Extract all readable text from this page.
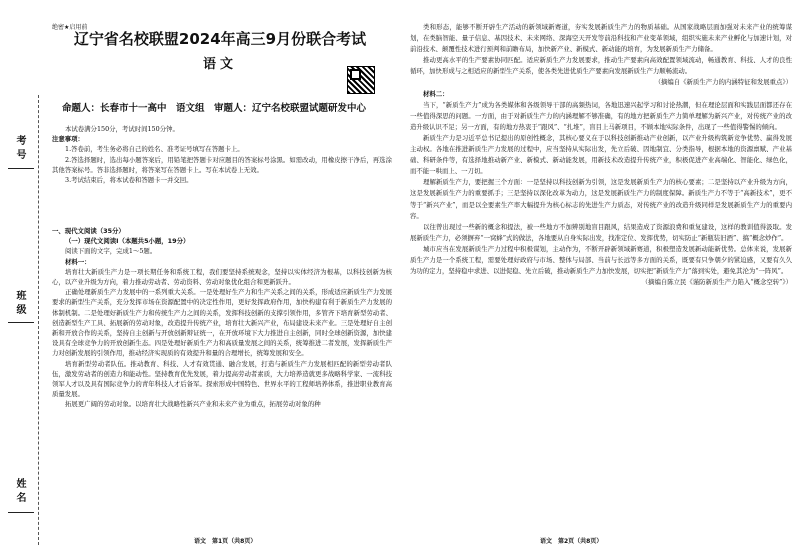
考号
班级
姓名
绝密★启用前
辽宁省名校联盟2024年高三9月份联合考试
语文
命题人：长春市十一高中　语文组　审题人：辽宁名校联盟试题研发中心

本试卷满分150分，考试时间150分钟。

注意事项：

1.答卷前，考生务必将自己的姓名、准考证号填写在答题卡上。

2.答选择题时，选出每小题答案后，用铅笔把答题卡对应题目的答案标号涂黑。如需改动，用橡皮擦干净后，再选涂其他答案标号。答非选择题时，将答案写在答题卡上。写在本试卷上无效。

3.考试结束后，将本试卷和答题卡一并交回。

一、现代文阅读（35分）

（一）现代文阅读Ⅰ（本题共5小题，19分）

阅读下面的文字，完成1～5题。

材料一：

培育壮大新质生产力是一项长期任务和系统工程，我们要坚持系统观念，坚持以实体经济为根基，以科技创新为核心，以产业升级为方向，着力推动劳动者、劳动资料、劳动对象优化组合和更新跃升。

正确处理新质生产力发展中的一系列重大关系。一是处理好生产力和生产关系之间的关系，形成适应新质生产力发展要求的新型生产关系，充分发挥市场在资源配置中的决定性作用，更好发挥政府作用，加快构建有利于新质生产力发展的体制机制。二是处理好新质生产力和传统生产力之间的关系，发挥科技创新的支撑引领作用，多管齐下培育新型劳动者、创造新型生产工具、拓展新的劳动对象，改造提升传统产业，培育壮大新兴产业，布局建设未来产业。三是处理好自主创新和开放合作的关系，坚持自主创新与开放创新辩证统一，在开放环境下大力推进自主创新，同时全球创新资源，加快建设具有全球竞争力的开放创新生态。四是处理好新质生产力和高质量发展之间的关系，统筹推进二者发展，发挥新质生产力对创新发展的引领作用，推动经济实现质的有效提升和量的合理增长，统筹发展和安全。

培育新型劳动者队伍。推动教育、科技、人才有效贯通、融合发展，打造与新质生产力发展相匹配的新型劳动者队伍，激发劳动者的创造力和能动性。坚持教育优先发展，着力提高劳动者素质，大力培养造就更多战略科学家、一流科技领军人才以及具有国际竞争力的青年科技人才后备军。探索形成中国特色、世界水平的工程师培养体系，推进职业教育高质量发展。

拓展更广阔的劳动对象。以培育壮大战略性新兴产业和未来产业为重点，拓展劳动对象的种

语文　第1页（共8页）

类和形态，能够不断开辟生产活动的新领域新赛道，夯实发展新质生产力的物质基础。从国家战略层面加强对未来产业的统筹谋划，在类脑智能、量子信息、基因技术、未来网络、深海空天开发等前沿科技和产业变革领域，组织实施未来产业孵化与加速计划，对前沿技术、颠覆性技术进行预判和前瞻布局，加快新产业、新模式、新动能的培育，为发展新质生产力储备。

推动更高水平的生产要素协同匹配。适应新质生产力发展要求，推动生产要素向高效配置领域流动，畅通教育、科技、人才的良性循环，加快形成与之相适应的新型生产关系，使各类先进优质生产要素向发展新质生产力顺畅流动。

（摘编自《新质生产力的内涵特征和发展重点》）

材料二：

当下，“新质生产力”成为各类媒体和各级领导干部的高频热词，各地迅速兴起学习和讨论热潮，但在理论层面和实践层面都还存在一些值得深思的问题。一方面，由于对新质生产力的内涵理解不够准确，有的地方把新质生产力简单理解为新兴产业，对传统产业的改造升级认识不足；另一方面，有的地方热衷于“跟风”、“扎堆”，盲目上马新项目，不顾本地实际条件，出现了一些值得警惕的倾向。

新质生产力是习近平总书记提出的原创性概念，其核心要义在于以科技创新推动产业创新，以产业升级构筑新竞争优势、赢得发展主动权。各地在推进新质生产力发展的过程中，应当坚持从实际出发，先立后破、因地制宜、分类指导，根据本地的资源禀赋、产业基础、科研条件等，有选择地推动新产业、新模式、新动能发展，用新技术改造提升传统产业，积极促进产业高端化、智能化、绿色化，而不能一哄而上、一刀切。

理解新质生产力，要把握三个方面：一是坚持以科技创新为引领，这是发展新质生产力的核心要素；二是坚持以产业升级为方向，这是发展新质生产力的重要抓手；三是坚持以深化改革为动力，这是发展新质生产力的制度保障。新质生产力不等于“高新技术”，更不等于“新兴产业”，而是以全要素生产率大幅提升为核心标志的先进生产力质态，对传统产业的改造升级同样是发展新质生产力的重要内容。

以往曾出现过一些新的概念和提法，被一些地方不加辨别地盲目跟风，结果造成了资源浪费和重复建设，这样的教训值得汲取。发展新质生产力，必须摒弃“一窝蜂”式的做法，各地要从自身实际出发，找准定位、发挥优势，切实防止“新瓶装旧酒”、搞“概念炒作”。

城市应当在发展新质生产力过程中积极谋划，主动作为，不断开辟新领域新赛道，积极塑造发展新动能新优势。总体来说，发展新质生产力是一个系统工程，需要处理好政府与市场、整体与局部、当前与长远等多方面的关系，既要有只争朝夕的紧迫感，又要有久久为功的定力，坚持稳中求进、以进促稳、先立后破，推动新质生产力加快发展，切实把“新质生产力”落到实处，避免其沦为“一阵风”。

（摘编自陈立民《谨防新质生产力陷入“概念空转”》）

语文　第2页（共8页）
